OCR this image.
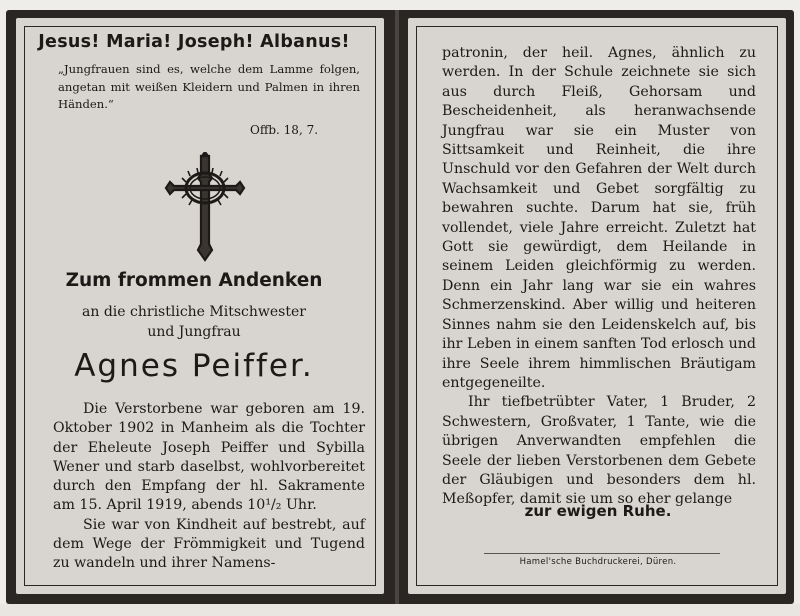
Jesus! Maria! Joseph! Albanus!
„Jungfrauen sind es, welche dem Lamme folgen, angetan mit weißen Kleidern und Palmen in ihren Händen.“
Offb. 18, 7.
Zum frommen Andenken
an die christliche Mitschwester
und Jungfrau
Agnes Peiffer.

Die Verstorbene war geboren am 19. Oktober 1902 in Manheim als die Tochter der Eheleute Joseph Peiffer und Sybilla Wener und starb daselbst, wohlvorbereitet durch den Empfang der hl. Sakramente am 15. April 1919, abends 10¹/₂ Uhr.

Sie war von Kindheit auf bestrebt, auf dem Wege der Frömmigkeit und Tugend zu wandeln und ihrer Namens-

patronin, der heil. Agnes, ähnlich zu werden. In der Schule zeichnete sie sich aus durch Fleiß, Gehorsam und Bescheidenheit, als heranwachsende Jungfrau war sie ein Muster von Sittsamkeit und Reinheit, die ihre Unschuld vor den Gefahren der Welt durch Wachsamkeit und Gebet sorgfältig zu bewahren suchte. Darum hat sie, früh vollendet, viele Jahre erreicht. Zuletzt hat Gott sie gewürdigt, dem Heilande in seinem Leiden gleichförmig zu werden. Denn ein Jahr lang war sie ein wahres Schmerzenskind. Aber willig und heiteren Sinnes nahm sie den Leidenskelch auf, bis ihr Leben in einem sanften Tod erlosch und ihre Seele ihrem himmlischen Bräutigam entgegeneilte.

Ihr tiefbetrübter Vater, 1 Bruder, 2 Schwestern, Großvater, 1 Tante, wie die übrigen Anverwandten empfehlen die Seele der lieben Verstorbenen dem Gebete der Gläubigen und besonders dem hl. Meßopfer, damit sie um so eher gelange

zur ewigen Ruhe.
Hamel'sche Buchdruckerei, Düren.
